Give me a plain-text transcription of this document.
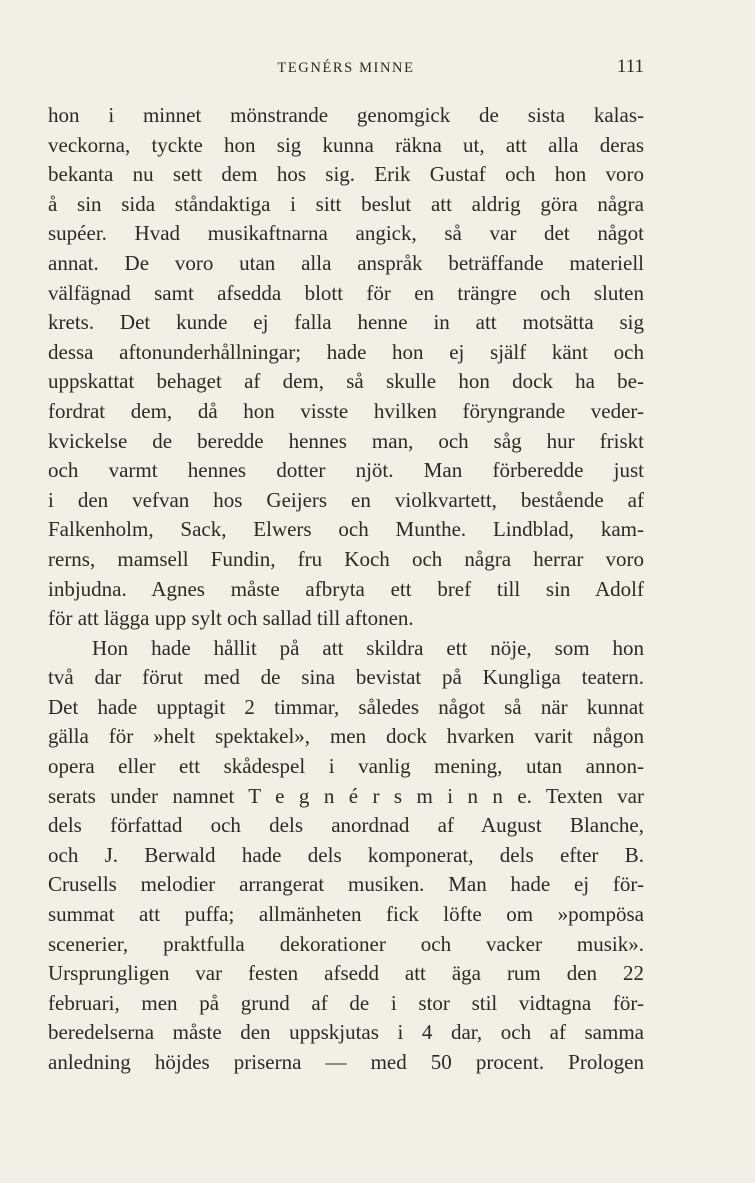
TEGNÉRS MINNE	111
hon i minnet mönstrande genomgick de sista kalas-
veckorna, tyckte hon sig kunna räkna ut, att alla deras
bekanta nu sett dem hos sig. Erik Gustaf och hon voro
å sin sida ståndaktiga i sitt beslut att aldrig göra några
supéer. Hvad musikaftnarna angick, så var det något
annat. De voro utan alla anspråk beträffande materiell
välfägnad samt afsedda blott för en trängre och sluten
krets. Det kunde ej falla henne in att motsätta sig
dessa aftonunderhållningar; hade hon ej själf känt och
uppskattat behaget af dem, så skulle hon dock ha be-
fordrat dem, då hon visste hvilken föryngrande veder-
kvickelse de beredde hennes man, och såg hur friskt
och varmt hennes dotter njöt. Man förberedde just
i den vefvan hos Geijers en violkvartett, bestående af
Falkenholm, Sack, Elwers och Munthe. Lindblad, kam-
rerns, mamsell Fundin, fru Koch och några herrar voro
inbjudna. Agnes måste afbryta ett bref till sin Adolf
för att lägga upp sylt och sallad till aftonen.
Hon hade hållit på att skildra ett nöje, som hon
två dar förut med de sina bevistat på Kungliga teatern.
Det hade upptagit 2 timmar, således något så när kunnat
gälla för »helt spektakel», men dock hvarken varit någon
opera eller ett skådespel i vanlig mening, utan annon-
serats under namnet T e g n é r s m i n n e. Texten var
dels författad och dels anordnad af August Blanche,
och J. Berwald hade dels komponerat, dels efter B.
Crusells melodier arrangerat musiken. Man hade ej för-
summat att puffa; allmänheten fick löfte om »pompösa
scenerier, praktfulla dekorationer och vacker musik».
Ursprungligen var festen afsedd att äga rum den 22
februari, men på grund af de i stor stil vidtagna för-
beredelserna måste den uppskjutas i 4 dar, och af samma
anledning höjdes priserna — med 50 procent. Prologen
